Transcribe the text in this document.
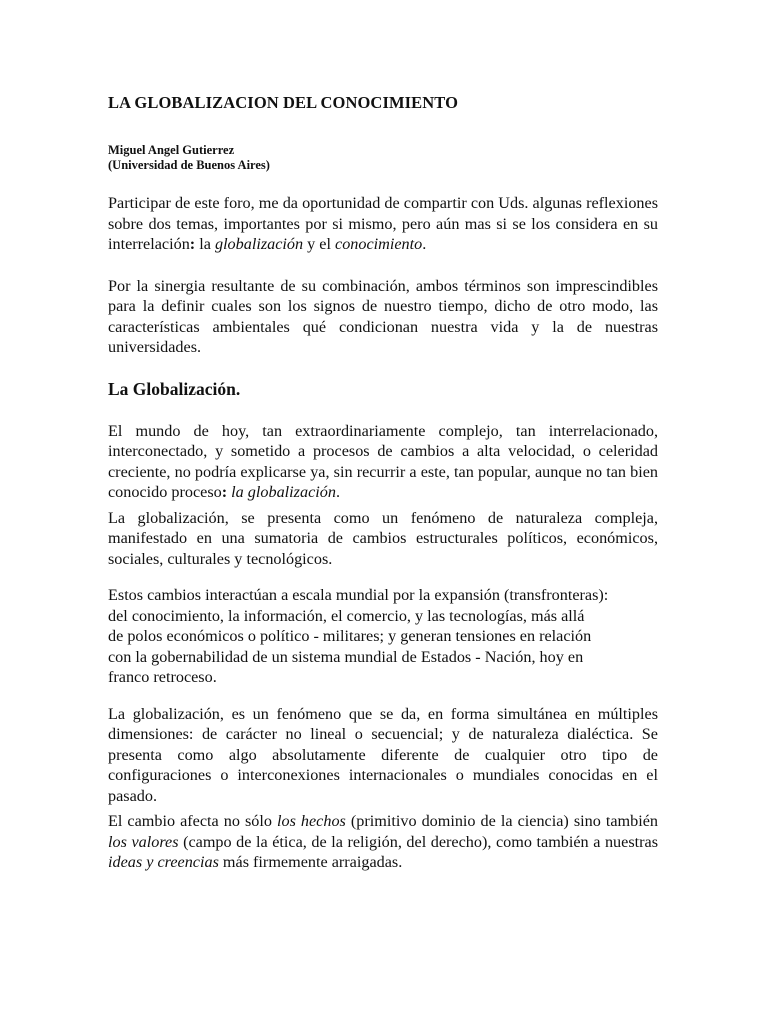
LA GLOBALIZACION DEL CONOCIMIENTO
Miguel Angel Gutierrez
(Universidad de Buenos Aires)

Participar de este foro, me da oportunidad de compartir con Uds. algunas reflexiones sobre dos temas, importantes por si mismo, pero aún mas si se los considera en su interrelación: la globalización y el conocimiento.

Por la sinergia resultante de su combinación, ambos términos son imprescindibles para la definir cuales son los signos de nuestro tiempo, dicho de otro modo, las características ambientales qué condicionan nuestra vida y la de nuestras universidades.

La Globalización.

El mundo de hoy, tan extraordinariamente complejo, tan interrelacionado, interconectado, y sometido a procesos de cambios a alta velocidad, o celeridad creciente, no podría explicarse ya, sin recurrir a este, tan popular, aunque no tan bien conocido proceso: la globalización.

La globalización, se presenta como un fenómeno de naturaleza compleja, manifestado en una sumatoria de cambios estructurales políticos, económicos, sociales, culturales y tecnológicos.

Estos cambios interactúan a escala mundial por la expansión (transfronteras):
del conocimiento, la información, el comercio, y las tecnologías, más allá
de polos económicos o político - militares; y generan tensiones en relación
con la gobernabilidad de un sistema mundial de Estados - Nación, hoy en
franco retroceso.

La globalización, es un fenómeno que se da, en forma simultánea en múltiples dimensiones: de carácter no lineal o secuencial; y de naturaleza dialéctica. Se presenta como algo absolutamente diferente de cualquier otro tipo de configuraciones o interconexiones internacionales o mundiales conocidas en el pasado.

El cambio afecta no sólo los hechos (primitivo dominio de la ciencia) sino también los valores (campo de la ética, de la religión, del derecho), como también a nuestras ideas y creencias más firmemente arraigadas.
